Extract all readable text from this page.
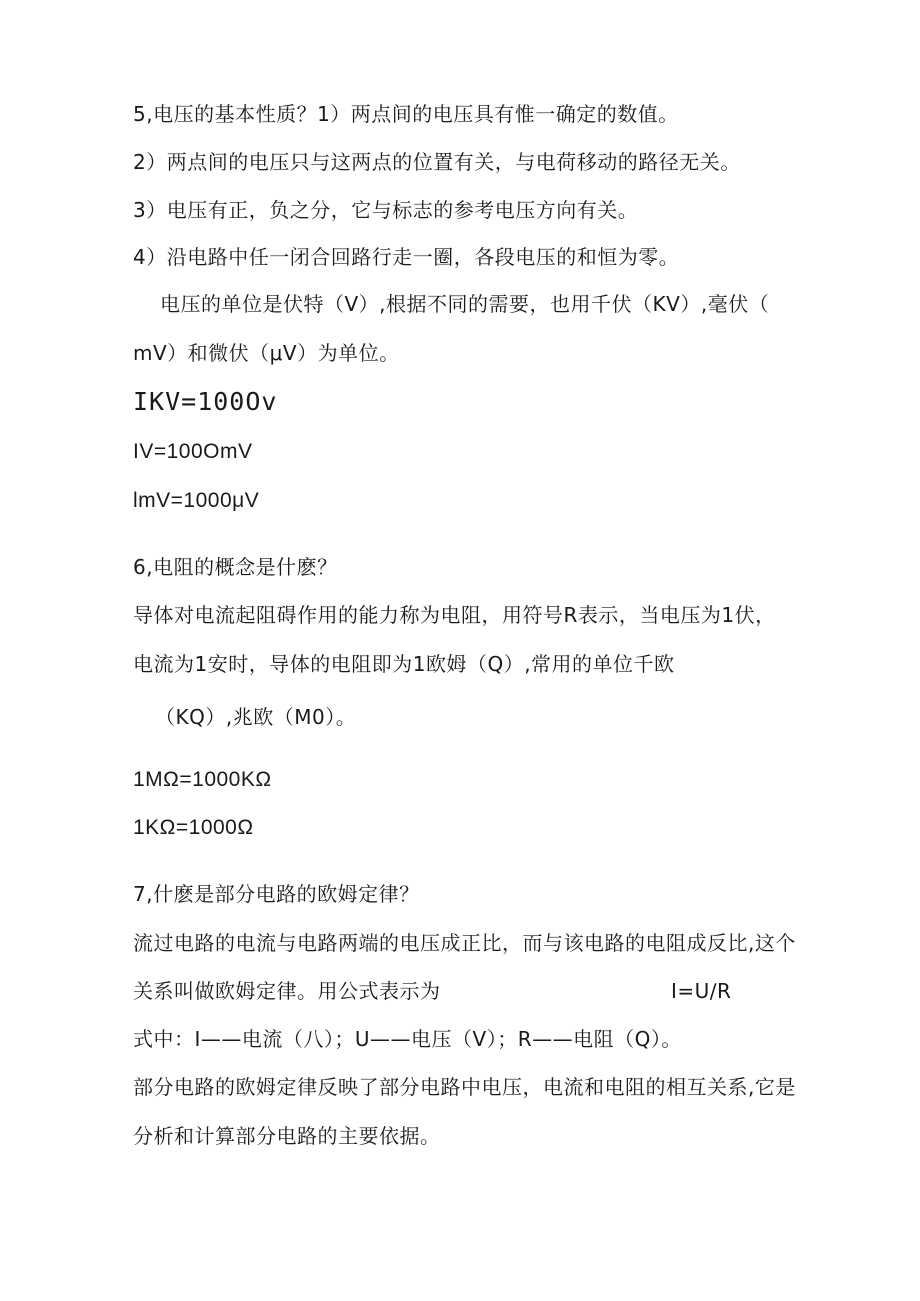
5,电压的基本性质？1）两点间的电压具有惟一确定的数值。
2）两点间的电压只与这两点的位置有关，与电荷移动的路径无关。
3）电压有正，负之分，它与标志的参考电压方向有关。
4）沿电路中任一闭合回路行走一圈，各段电压的和恒为零。
电压的单位是伏特（V）,根据不同的需要，也用千伏（KV）,毫伏（
mV）和微伏（μV）为单位。
IKV=100Ov
IV=100OmV
lmV=1000μV
6,电阻的概念是什麽？
导体对电流起阻碍作用的能力称为电阻，用符号R表示，当电压为1伏，
电流为1安时，导体的电阻即为1欧姆（Q）,常用的单位千欧
（KQ）,兆欧（M0）。
1MΩ=1000KΩ
1KΩ=1000Ω
7,什麽是部分电路的欧姆定律？
流过电路的电流与电路两端的电压成正比，而与该电路的电阻成反比,这个
关系叫做欧姆定律。用公式表示为	I=U∕R
式中：I——电流（八）；U——电压（V）；R——电阻（Q）。
部分电路的欧姆定律反映了部分电路中电压，电流和电阻的相互关系,它是
分析和计算部分电路的主要依据。
